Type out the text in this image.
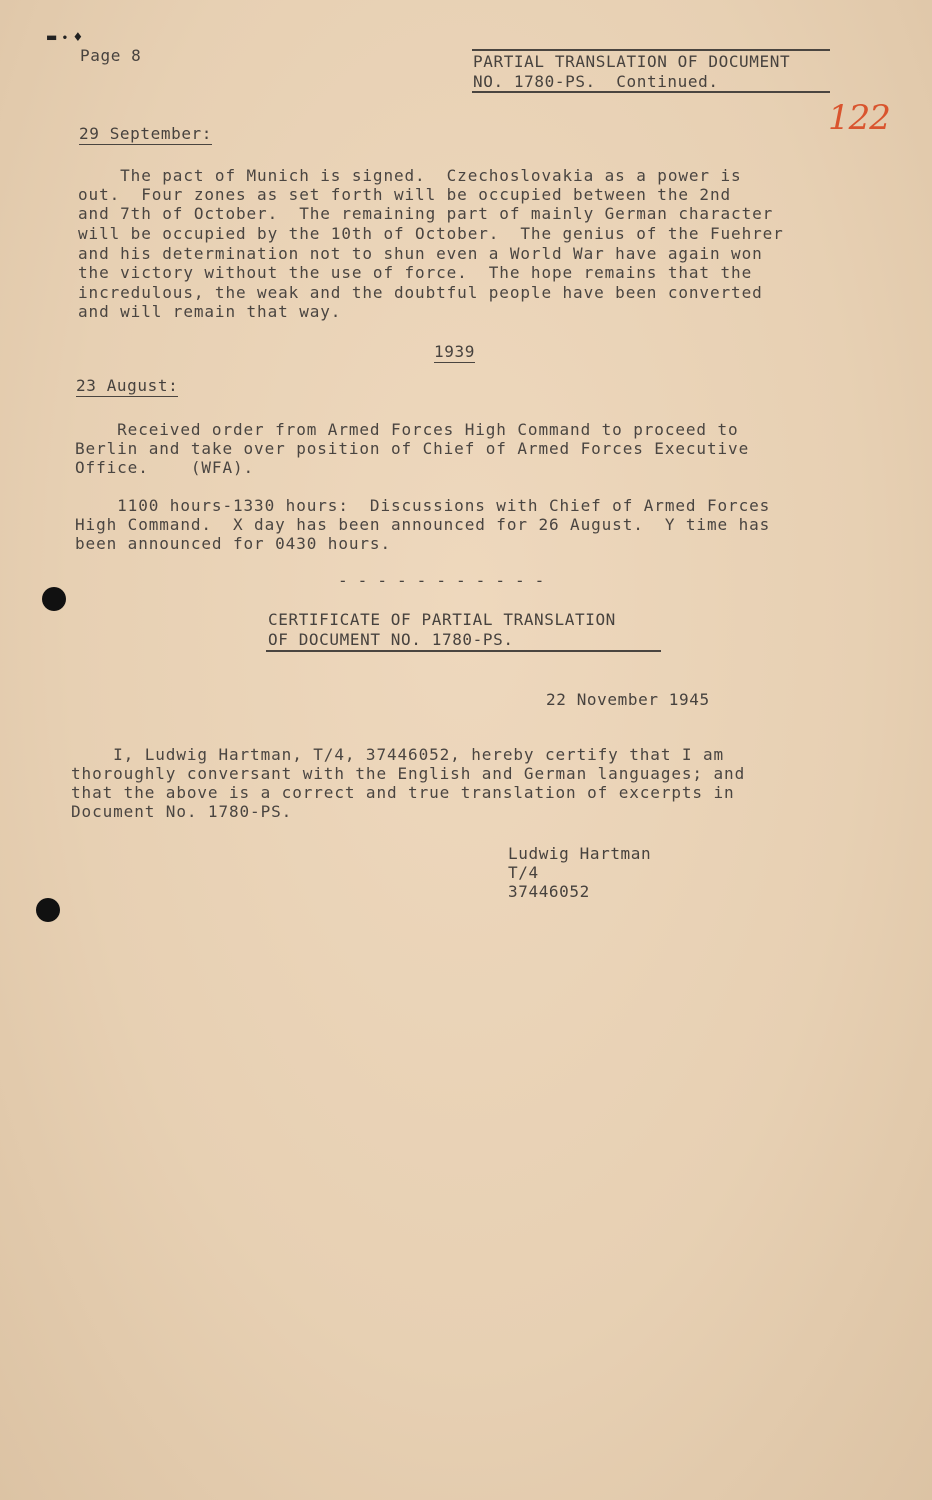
▬ ∙ ♦
Page 8	PARTIAL TRANSLATION OF DOCUMENT
NO. 1780-PS.  Continued.
122
29 September:
The pact of Munich is signed.  Czechoslovakia as a power is
out.  Four zones as set forth will be occupied between the 2nd
and 7th of October.  The remaining part of mainly German character
will be occupied by the 10th of October.  The genius of the Fuehrer
and his determination not to shun even a World War have again won
the victory without the use of force.  The hope remains that the
incredulous, the weak and the doubtful people have been converted
and will remain that way.
1939
23 August:
Received order from Armed Forces High Command to proceed to
Berlin and take over position of Chief of Armed Forces Executive
Office.    (WFA).
1100 hours-1330 hours:  Discussions with Chief of Armed Forces
High Command.  X day has been announced for 26 August.  Y time has
been announced for 0430 hours.
- - - - - - - - - - -
CERTIFICATE OF PARTIAL TRANSLATION
OF DOCUMENT NO. 1780-PS.
22 November 1945
I, Ludwig Hartman, T/4, 37446052, hereby certify that I am
thoroughly conversant with the English and German languages; and
that the above is a correct and true translation of excerpts in
Document No. 1780-PS.
Ludwig Hartman
T/4
37446052
